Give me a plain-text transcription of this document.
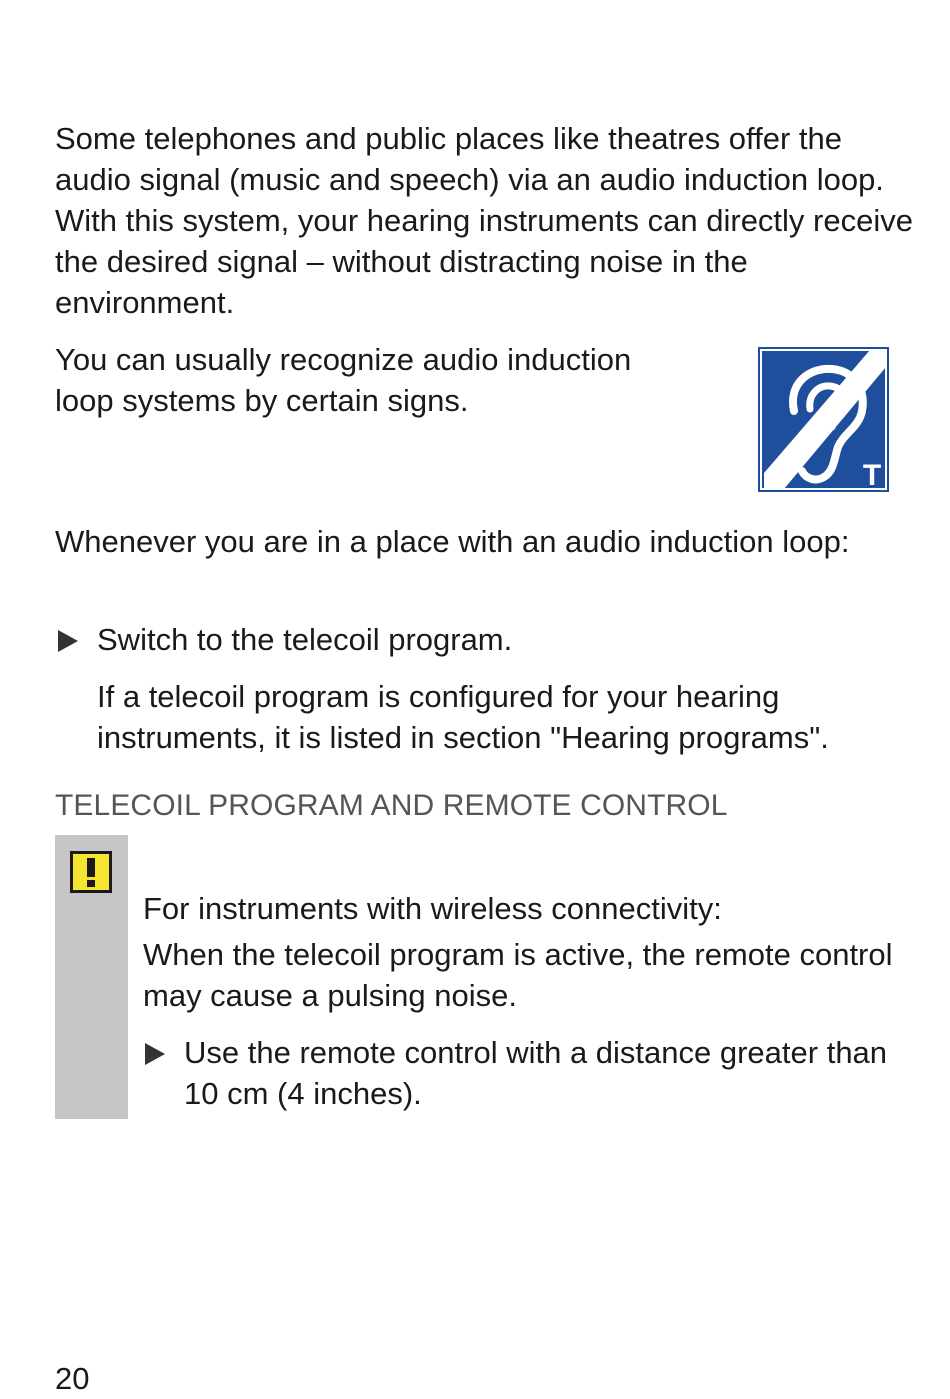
Some telephones and public places like theatres offer the audio signal (music and speech) via an audio induction loop. With this system, your hearing instruments can directly receive the desired signal – without distracting noise in the environment.

You can usually recognize audio induction loop systems by certain signs.

T

Whenever you are in a place with an audio induction loop:

Switch to the telecoil program.

If a telecoil program is configured for your hearing instruments, it is listed in section "Hearing programs".

TELECOIL PROGRAM AND REMOTE CONTROL

For instruments with wireless connectivity:

When the telecoil program is active, the remote control may cause a pulsing noise.

Use the remote control with a distance greater than 10 cm (4 inches).

20
